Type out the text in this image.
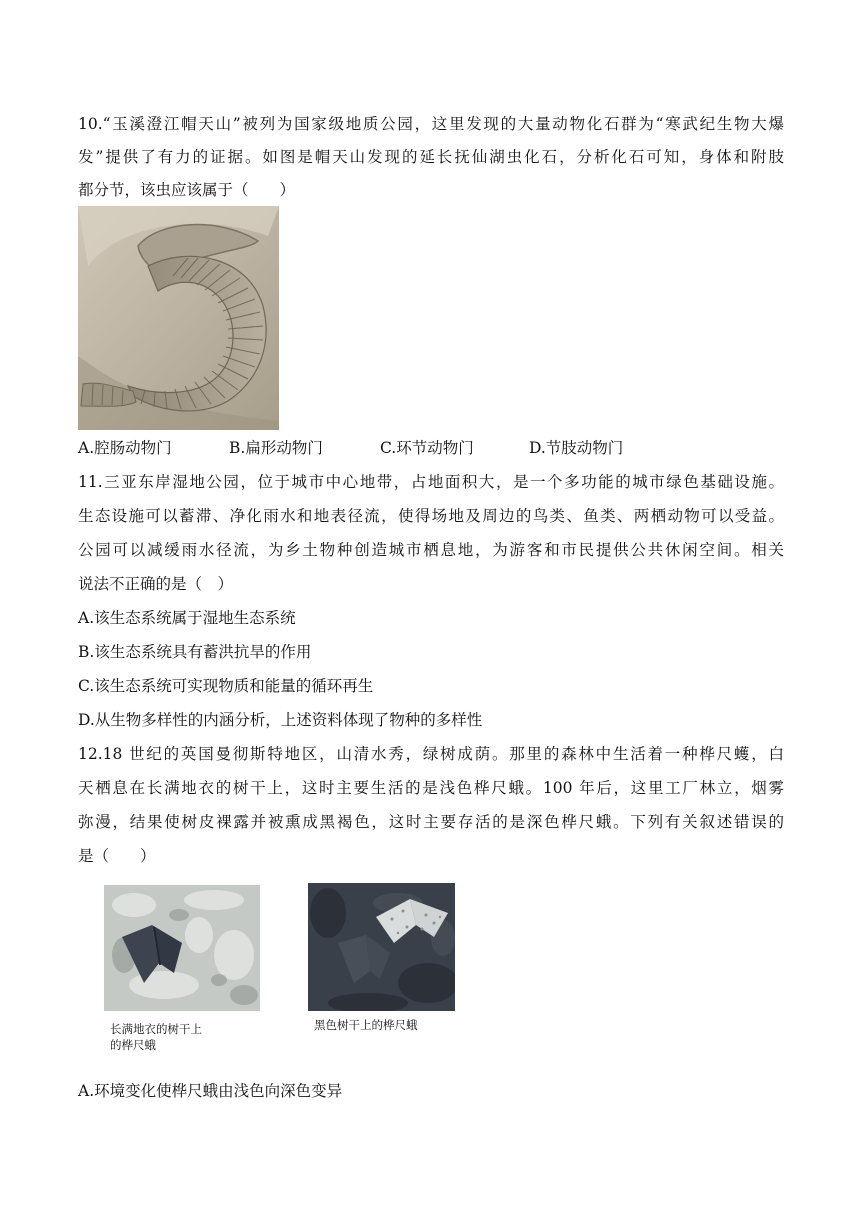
10.“玉溪澄江帽天山”被列为国家级地质公园，这里发现的大量动物化石群为“寒武纪生物大爆
发”提供了有力的证据。如图是帽天山发现的延长抚仙湖虫化石，分析化石可知，身体和附肢
都分节，该虫应该属于（　　）
A.腔肠动物门	B.扁形动物门	C.环节动物门	D.节肢动物门
11.三亚东岸湿地公园，位于城市中心地带，占地面积大，是一个多功能的城市绿色基础设施。
生态设施可以蓄滞、净化雨水和地表径流，使得场地及周边的鸟类、鱼类、两栖动物可以受益。
公园可以减缓雨水径流，为乡土物种创造城市栖息地，为游客和市民提供公共休闲空间。相关
说法不正确的是（　）
A.该生态系统属于湿地生态系统
B.该生态系统具有蓄洪抗旱的作用
C.该生态系统可实现物质和能量的循环再生
D.从生物多样性的内涵分析，上述资料体现了物种的多样性
12.18 世纪的英国曼彻斯特地区，山清水秀，绿树成荫。那里的森林中生活着一种桦尺蠖，白
天栖息在长满地衣的树干上，这时主要生活的是浅色桦尺蛾。100 年后，这里工厂林立，烟雾
弥漫，结果使树皮裸露并被熏成黑褐色，这时主要存活的是深色桦尺蛾。下列有关叙述错误的
是（　　）
长满地衣的树干上
的桦尺蛾
黑色树干上的桦尺蛾
A.环境变化使桦尺蛾由浅色向深色变异
